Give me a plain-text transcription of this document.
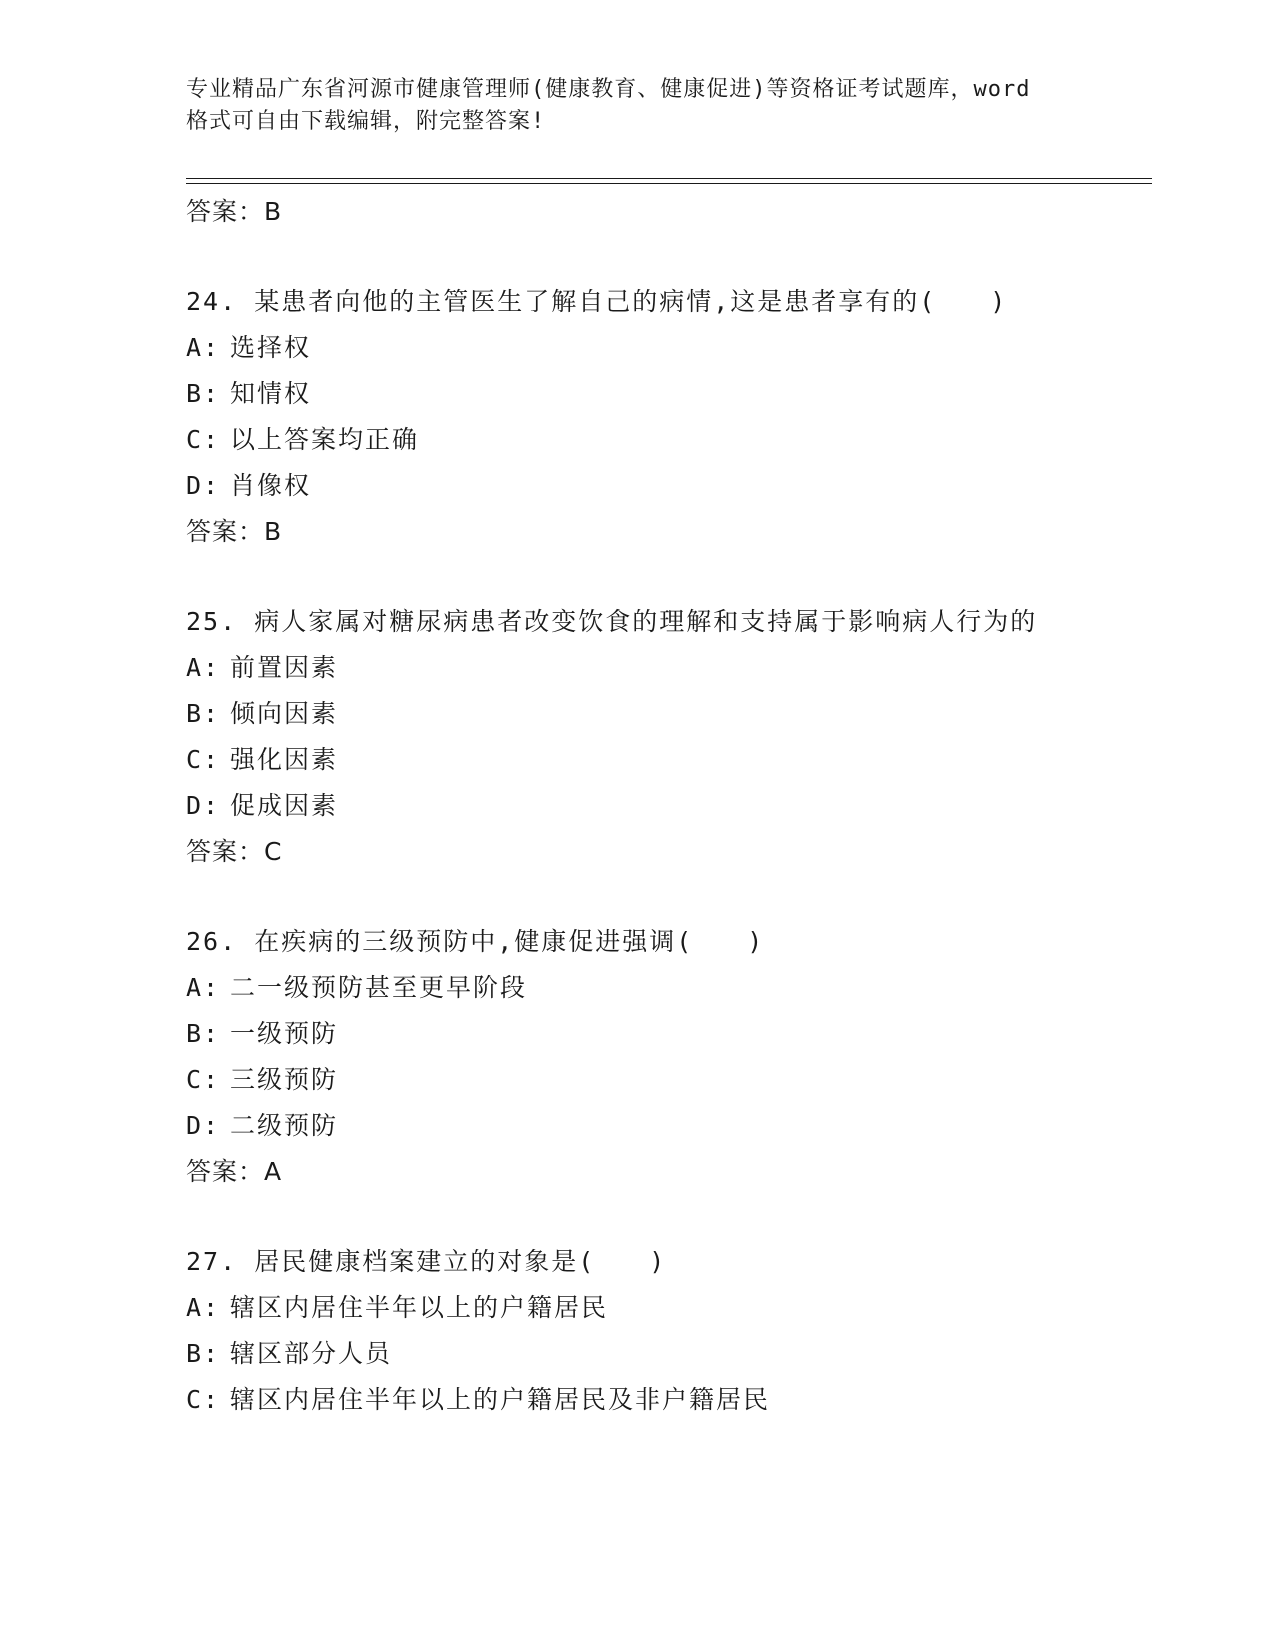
专业精品广东省河源市健康管理师(健康教育、健康促进)等资格证考试题库，word
格式可自由下载编辑，附完整答案!
答案：B
24. 某患者向他的主管医生了解自己的病情,这是患者享有的(　　)
A: 选择权
B: 知情权
C: 以上答案均正确
D: 肖像权
答案：B
25. 病人家属对糖尿病患者改变饮食的理解和支持属于影响病人行为的
A: 前置因素
B: 倾向因素
C: 强化因素
D: 促成因素
答案：C
26. 在疾病的三级预防中,健康促进强调(　　)
A: 二一级预防甚至更早阶段
B: 一级预防
C: 三级预防
D: 二级预防
答案：A
27. 居民健康档案建立的对象是(　　)
A: 辖区内居住半年以上的户籍居民
B: 辖区部分人员
C: 辖区内居住半年以上的户籍居民及非户籍居民
